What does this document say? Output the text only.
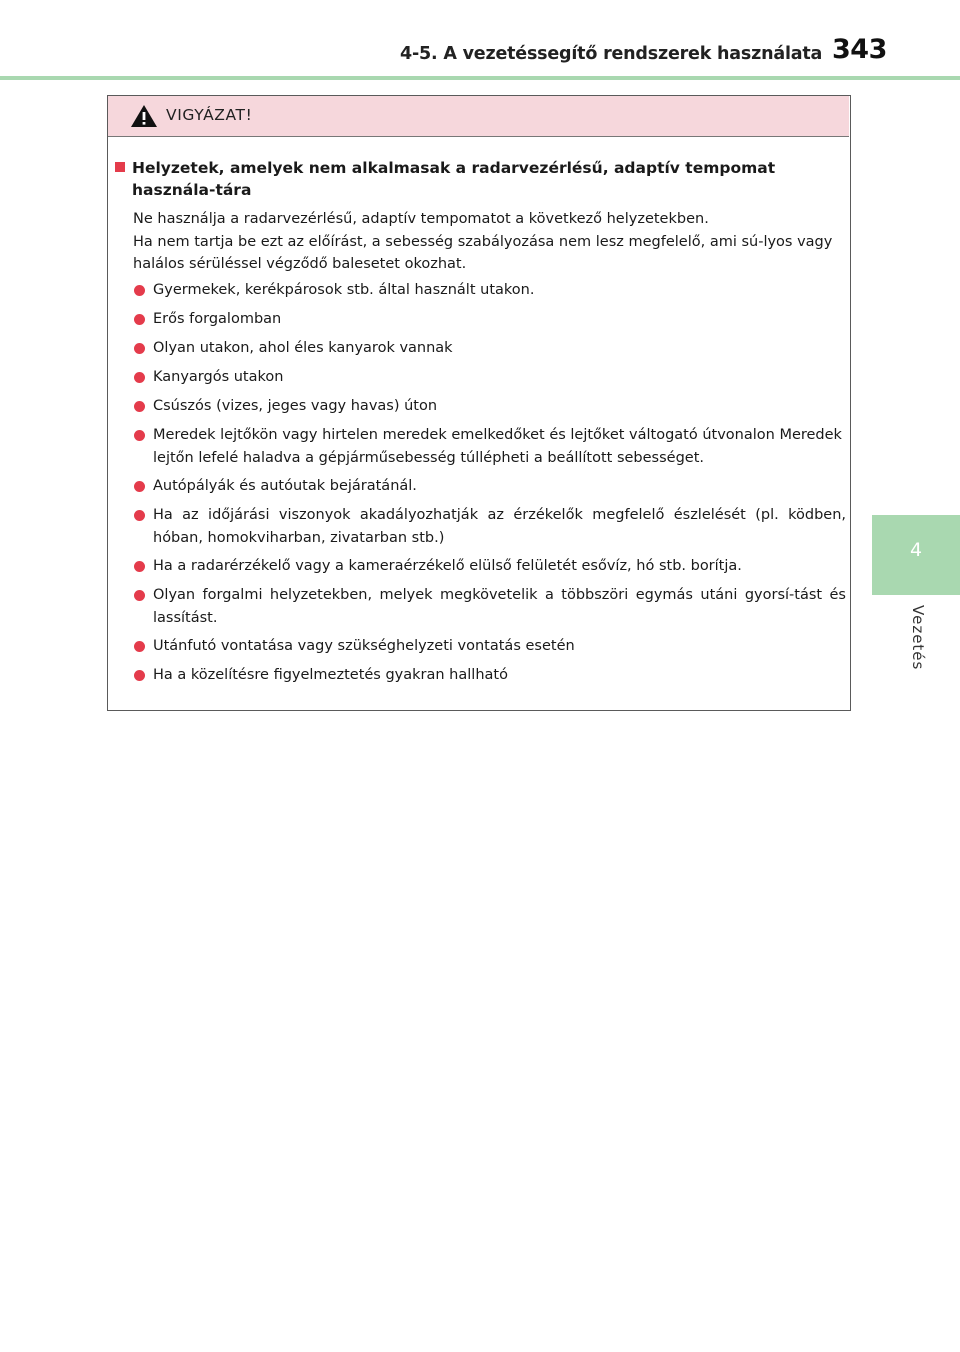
4-5. A vezetéssegítő rendszerek használata 343
4
Vezetés
VIGYÁZAT!
Helyzetek, amelyek nem alkalmasak a radarvezérlésű, adaptív tempomat használa-tára

Ne használja a radarvezérlésű, adaptív tempomatot a következő helyzetekben.

Ha nem tartja be ezt az előírást, a sebesség szabályozása nem lesz megfelelő, ami sú-lyos vagy halálos sérüléssel végződő balesetet okozhat.

Gyermekek, kerékpárosok stb. által használt utakon.
Erős forgalomban
Olyan utakon, ahol éles kanyarok vannak
Kanyargós utakon
Csúszós (vizes, jeges vagy havas) úton
Meredek lejtőkön vagy hirtelen meredek emelkedőket és lejtőket váltogató útvonalon Meredek lejtőn lefelé haladva a gépjárműsebesség túllépheti a beállított sebességet.
Autópályák és autóutak bejáratánál.
Ha az időjárási viszonyok akadályozhatják az érzékelők megfelelő észlelését (pl. ködben, hóban, homokviharban, zivatarban stb.)
Ha a radarérzékelő vagy a kameraérzékelő elülső felületét esővíz, hó stb. borítja.
Olyan forgalmi helyzetekben, melyek megkövetelik a többszöri egymás utáni gyorsí-tást és lassítást.
Utánfutó vontatása vagy szükséghelyzeti vontatás esetén
Ha a közelítésre figyelmeztetés gyakran hallható
